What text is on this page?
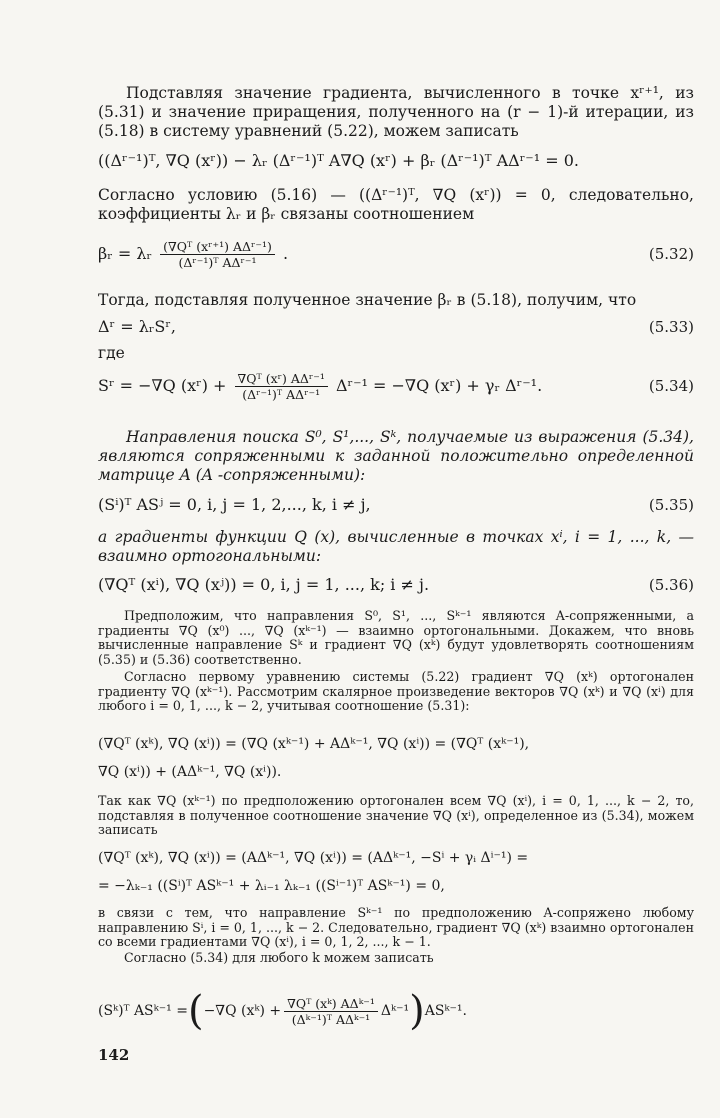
Подставляя значение градиента, вычисленного в точке xʳ⁺¹, из (5.31) и значение приращения, полученного на (r − 1)-й итерации, из (5.18) в систему уравнений (5.22), можем записать
((Δʳ⁻¹)ᵀ, ∇Q (xʳ)) − λᵣ (Δʳ⁻¹)ᵀ A∇Q (xʳ) + βᵣ (Δʳ⁻¹)ᵀ AΔʳ⁻¹ = 0.
Согласно условию (5.16) — ((Δʳ⁻¹)ᵀ, ∇Q (xʳ)) = 0, следовательно, коэффициенты λᵣ и βᵣ связаны соотношением
βᵣ = λᵣ $\frac{\text{(∇Qᵀ (xʳ⁺¹) AΔʳ⁻¹)}}{\text{(Δʳ⁻¹)ᵀ AΔʳ⁻¹}}$ .	(5.32)
Тогда, подставляя полученное значение βᵣ в (5.18), получим, что
Δʳ = λᵣSʳ,	(5.33)
где
Sʳ = −∇Q (xʳ) + $\frac{\text{∇Qᵀ (xʳ) AΔʳ⁻¹}}{\text{(Δʳ⁻¹)ᵀ AΔʳ⁻¹}}$ Δʳ⁻¹ = −∇Q (xʳ) + γᵣ Δʳ⁻¹.	(5.34)
Направления поиска S⁰, S¹,..., Sᵏ, получаемые из выражения (5.34), являются сопряженными к заданной положительно определенной матрице A (A -сопряженными):
(Sⁱ)ᵀ ASʲ = 0, i, j = 1, 2,..., k, i ≠ j,	(5.35)
а градиенты функции Q (x), вычисленные в точках xⁱ, i = 1, ..., k, — взаимно ортогональными:
(∇Qᵀ (xⁱ), ∇Q (xʲ)) = 0, i, j = 1, ..., k; i ≠ j.	(5.36)
Предположим, что направления S⁰, S¹, ..., Sᵏ⁻¹ являются A-сопряженными, а градиенты ∇Q (x⁰) ..., ∇Q (xᵏ⁻¹) — взаимно ортогональными. Докажем, что вновь вычисленные направление Sᵏ и градиент ∇Q (xᵏ) будут удовлетворять соотношениям (5.35) и (5.36) соответственно.
Согласно первому уравнению системы (5.22) градиент ∇Q (xᵏ) ортогонален градиенту ∇Q (xᵏ⁻¹). Рассмотрим скалярное произведение векторов ∇Q (xᵏ) и ∇Q (xⁱ) для любого i = 0, 1, ..., k − 2, учитывая соотношение (5.31):
(∇Qᵀ (xᵏ), ∇Q (xⁱ)) = (∇Q (xᵏ⁻¹) + AΔᵏ⁻¹, ∇Q (xⁱ)) = (∇Qᵀ (xᵏ⁻¹),
∇Q (xⁱ)) + (AΔᵏ⁻¹, ∇Q (xⁱ)).
Так как ∇Q (xᵏ⁻¹) по предположению ортогонален всем ∇Q (xⁱ), i = 0, 1, ..., k − 2, то, подставляя в полученное соотношение значение ∇Q (xⁱ), определенное из (5.34), можем записать
(∇Qᵀ (xᵏ), ∇Q (xⁱ)) = (AΔᵏ⁻¹, ∇Q (xⁱ)) = (AΔᵏ⁻¹, −Sⁱ + γᵢ Δⁱ⁻¹) =
= −λₖ₋₁ ((Sⁱ)ᵀ ASᵏ⁻¹ + λᵢ₋₁ λₖ₋₁ ((Sⁱ⁻¹)ᵀ ASᵏ⁻¹) = 0,
в связи с тем, что направление Sᵏ⁻¹ по предположению A-сопряжено любому направлению Sⁱ, i = 0, 1, ..., k − 2. Следовательно, градиент ∇Q (xᵏ) взаимно ортогонален со всеми градиентами ∇Q (xⁱ), i = 0, 1, 2, ..., k − 1.
Согласно (5.34) для любого k можем записать
(Sᵏ)ᵀ ASᵏ⁻¹ = ( −∇Q (xᵏ) + $\frac{\text{∇Qᵀ (xᵏ) AΔᵏ⁻¹}}{\text{(Δᵏ⁻¹)ᵀ AΔᵏ⁻¹}}$ Δᵏ⁻¹ ) ASᵏ⁻¹.
142
